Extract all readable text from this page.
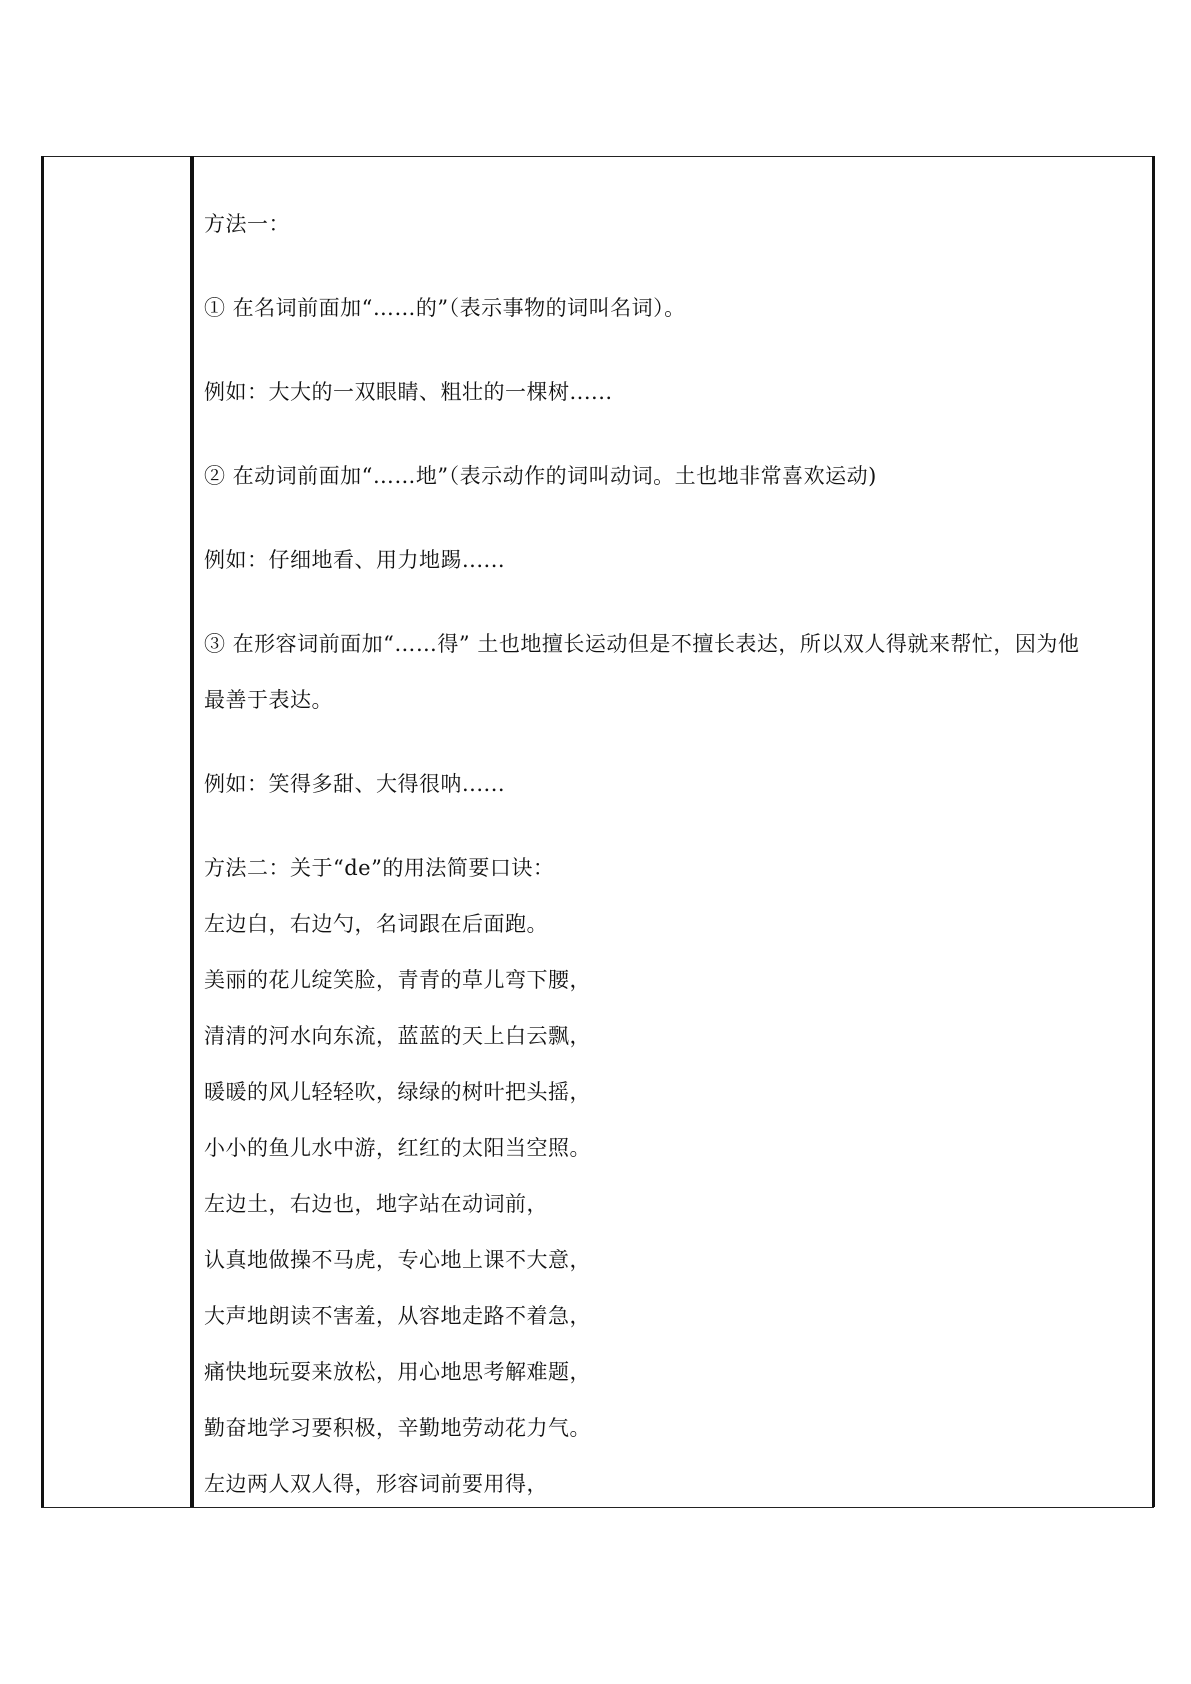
方法一：
① 在名词前面加“……的”（表示事物的词叫名词）。
例如：大大的一双眼睛、粗壮的一棵树......
② 在动词前面加“……地”（表示动作的词叫动词。土也地非常喜欢运动)
例如：仔细地看、用力地踢......
③ 在形容词前面加“……得” 土也地擅长运动但是不擅长表达，所以双人得就来帮忙，因为他
最善于表达。
例如：笑得多甜、大得很呐......
方法二：关于“de”的用法简要口诀：
左边白，右边勺，名词跟在后面跑。
美丽的花儿绽笑脸，青青的草儿弯下腰，
清清的河水向东流，蓝蓝的天上白云飘，
暖暖的风儿轻轻吹，绿绿的树叶把头摇，
小小的鱼儿水中游，红红的太阳当空照。
左边土，右边也，地字站在动词前，
认真地做操不马虎，专心地上课不大意，
大声地朗读不害羞，从容地走路不着急，
痛快地玩耍来放松，用心地思考解难题，
勤奋地学习要积极，辛勤地劳动花力气。
左边两人双人得，形容词前要用得，
